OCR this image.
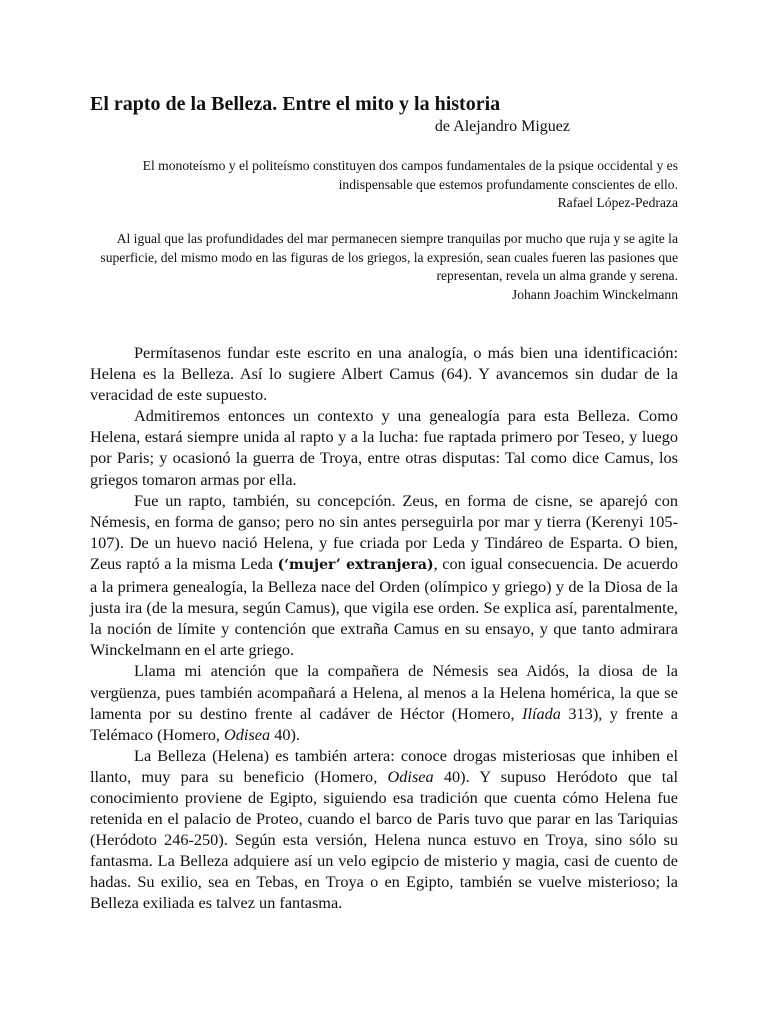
El rapto de la Belleza. Entre el mito y la historia
de Alejandro Miguez

El monoteísmo y el politeísmo constituyen dos campos fundamentales de la psique occidental y es indispensable que estemos profundamente conscientes de ello.

Rafael López-Pedraza

Al igual que las profundidades del mar permanecen siempre tranquilas por mucho que ruja y se agite la superficie, del mismo modo en las figuras de los griegos, la expresión, sean cuales fueren las pasiones que representan, revela un alma grande y serena.

Johann Joachim Winckelmann

Permítasenos fundar este escrito en una analogía, o más bien una identificación: Helena es la Belleza. Así lo sugiere Albert Camus (64). Y avancemos sin dudar de la veracidad de este supuesto.

Admitiremos entonces un contexto y una genealogía para esta Belleza. Como Helena, estará siempre unida al rapto y a la lucha: fue raptada primero por Teseo, y luego por Paris; y ocasionó la guerra de Troya, entre otras disputas: Tal como dice Camus, los griegos tomaron armas por ella.

Fue un rapto, también, su concepción. Zeus, en forma de cisne, se aparejó con Némesis, en forma de ganso; pero no sin antes perseguirla por mar y tierra (Kerenyi 105-107). De un huevo nació Helena, y fue criada por Leda y Tindáreo de Esparta. O bien, Zeus raptó a la misma Leda (‘mujer’ extranjera), con igual consecuencia. De acuerdo a la primera genealogía, la Belleza nace del Orden (olímpico y griego) y de la Diosa de la justa ira (de la mesura, según Camus), que vigila ese orden. Se explica así, parentalmente, la noción de límite y contención que extraña Camus en su ensayo, y que tanto admirara Winckelmann en el arte griego.

Llama mi atención que la compañera de Némesis sea Aidós, la diosa de la vergüenza, pues también acompañará a Helena, al menos a la Helena homérica, la que se lamenta por su destino frente al cadáver de Héctor (Homero, Ilíada 313), y frente a Telémaco (Homero, Odisea 40).

La Belleza (Helena) es también artera: conoce drogas misteriosas que inhiben el llanto, muy para su beneficio (Homero, Odisea 40). Y supuso Heródoto que tal conocimiento proviene de Egipto, siguiendo esa tradición que cuenta cómo Helena fue retenida en el palacio de Proteo, cuando el barco de Paris tuvo que parar en las Tariquias (Heródoto 246-250). Según esta versión, Helena nunca estuvo en Troya, sino sólo su fantasma. La Belleza adquiere así un velo egipcio de misterio y magia, casi de cuento de hadas. Su exilio, sea en Tebas, en Troya o en Egipto, también se vuelve misterioso; la Belleza exiliada es talvez un fantasma.
